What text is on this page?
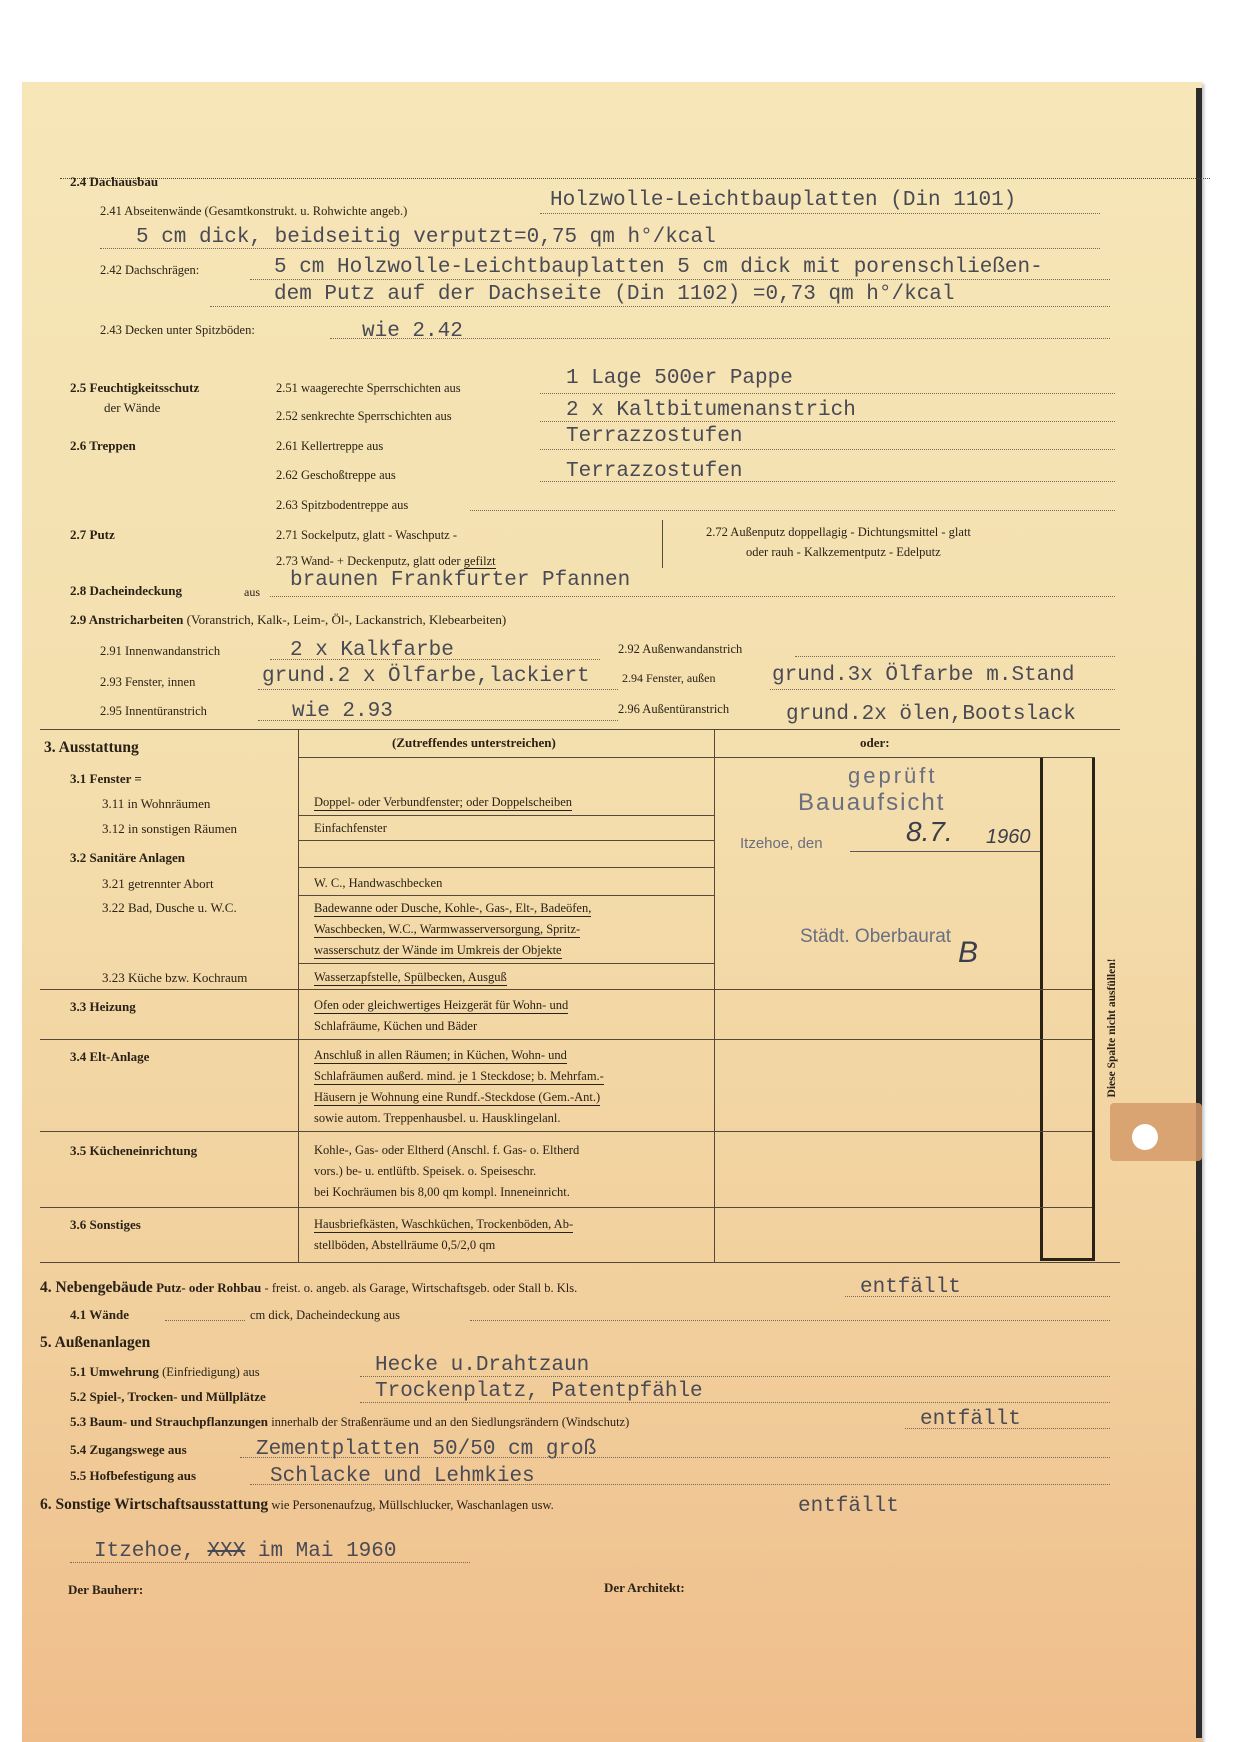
2.4 Dachausbau
2.41 Abseitenwände (Gesamtkonstrukt. u. Rohwichte angeb.)	Holzwolle-Leichtbauplatten (Din 1101)
5 cm dick, beidseitig verputzt=0,75 qm h°/kcal
2.42 Dachschrägen:	5 cm Holzwolle-Leichtbauplatten 5 cm dick mit porenschließen-
dem Putz auf der Dachseite (Din 1102) =0,73 qm h°/kcal
2.43 Decken unter Spitzböden:	wie 2.42
2.5 Feuchtigkeitsschutz
der Wände
2.51 waagerechte Sperrschichten aus	1 Lage 500er Pappe
2.52 senkrechte Sperrschichten aus	2 x Kaltbitumenanstrich
2.6 Treppen	2.61 Kellertreppe aus	Terrazzostufen
2.62 Geschoßtreppe aus	Terrazzostufen
2.63 Spitzbodentreppe aus
2.7 Putz	2.71 Sockelputz, glatt - Waschputz -
2.73 Wand- + Deckenputz, glatt oder gefilzt
2.72 Außenputz doppellagig - Dichtungsmittel - glatt
oder rauh - Kalkzementputz - Edelputz
2.8 Dacheindeckung	aus braunen Frankfurter Pfannen
2.9 Anstricharbeiten (Voranstrich, Kalk-, Leim-, Öl-, Lackanstrich, Klebearbeiten)
2.91 Innenwandanstrich	2 x Kalkfarbe	2.92 Außenwandanstrich
2.93 Fenster, innen	grund.2 x Ölfarbe,lackiert	2.94 Fenster, außen	grund.3x Ölfarbe m.Stand
2.95 Innentüranstrich	wie 2.93	2.96 Außentüranstrich	grund.2x ölen,Bootslack
3. Ausstattung	(Zutreffendes unterstreichen)	oder:
3.1 Fenster =
3.11 in Wohnräumen	Doppel- oder Verbundfenster; oder Doppelscheiben
3.12 in sonstigen Räumen	Einfachfenster
3.2 Sanitäre Anlagen
3.21 getrennter Abort	W. C., Handwaschbecken
3.22 Bad, Dusche u. W.C.	Badewanne oder Dusche, Kohle-, Gas-, Elt-, Badeöfen,
Waschbecken, W.C., Warmwasserversorgung, Spritz-
wasserschutz der Wände im Umkreis der Objekte
3.23 Küche bzw. Kochraum	Wasserzapfstelle, Spülbecken, Ausguß
3.3 Heizung	Ofen oder gleichwertiges Heizgerät für Wohn- und
Schlafräume, Küchen und Bäder
3.4 Elt-Anlage	Anschluß in allen Räumen; in Küchen, Wohn- und
Schlafräumen außerd. mind. je 1 Steckdose; b. Mehrfam.-
Häusern je Wohnung eine Rundf.-Steckdose (Gem.-Ant.)
sowie autom. Treppenhausbel. u. Hausklingelanl.
3.5 Kücheneinrichtung	Kohle-, Gas- oder Eltherd (Anschl. f. Gas- o. Eltherd
vors.) be- u. entlüftb. Speisek. o. Speiseschr.
bei Kochräumen bis 8,00 qm kompl. Inneneinricht.
3.6 Sonstiges	Hausbriefkästen, Waschküchen, Trockenböden, Ab-
stellböden, Abstellräume 0,5/2,0 qm
Diese Spalte nicht ausfüllen!
geprüft
Bauaufsicht
Itzehoe, den	8.7. 1960
Städt. Oberbaurat B
4. Nebengebäude Putz- oder Rohbau - freist. o. angeb. als Garage, Wirtschaftsgeb. oder Stall b. Kls.	entfällt
4.1 Wände	cm dick, Dacheindeckung aus
5. Außenanlagen
5.1 Umwehrung (Einfriedigung) aus	Hecke u.Drahtzaun
5.2 Spiel-, Trocken- und Müllplätze	Trockenplatz, Patentpfähle
5.3 Baum- und Strauchpflanzungen innerhalb der Straßenräume und an den Siedlungsrändern (Windschutz)	entfällt
5.4 Zugangswege aus	Zementplatten 50/50 cm groß
5.5 Hofbefestigung aus	Schlacke und Lehmkies
6. Sonstige Wirtschaftsausstattung wie Personenaufzug, Müllschlucker, Waschanlagen usw.	entfällt
Itzehoe, XXX im Mai 1960
Der Bauherr:	Der Architekt:
